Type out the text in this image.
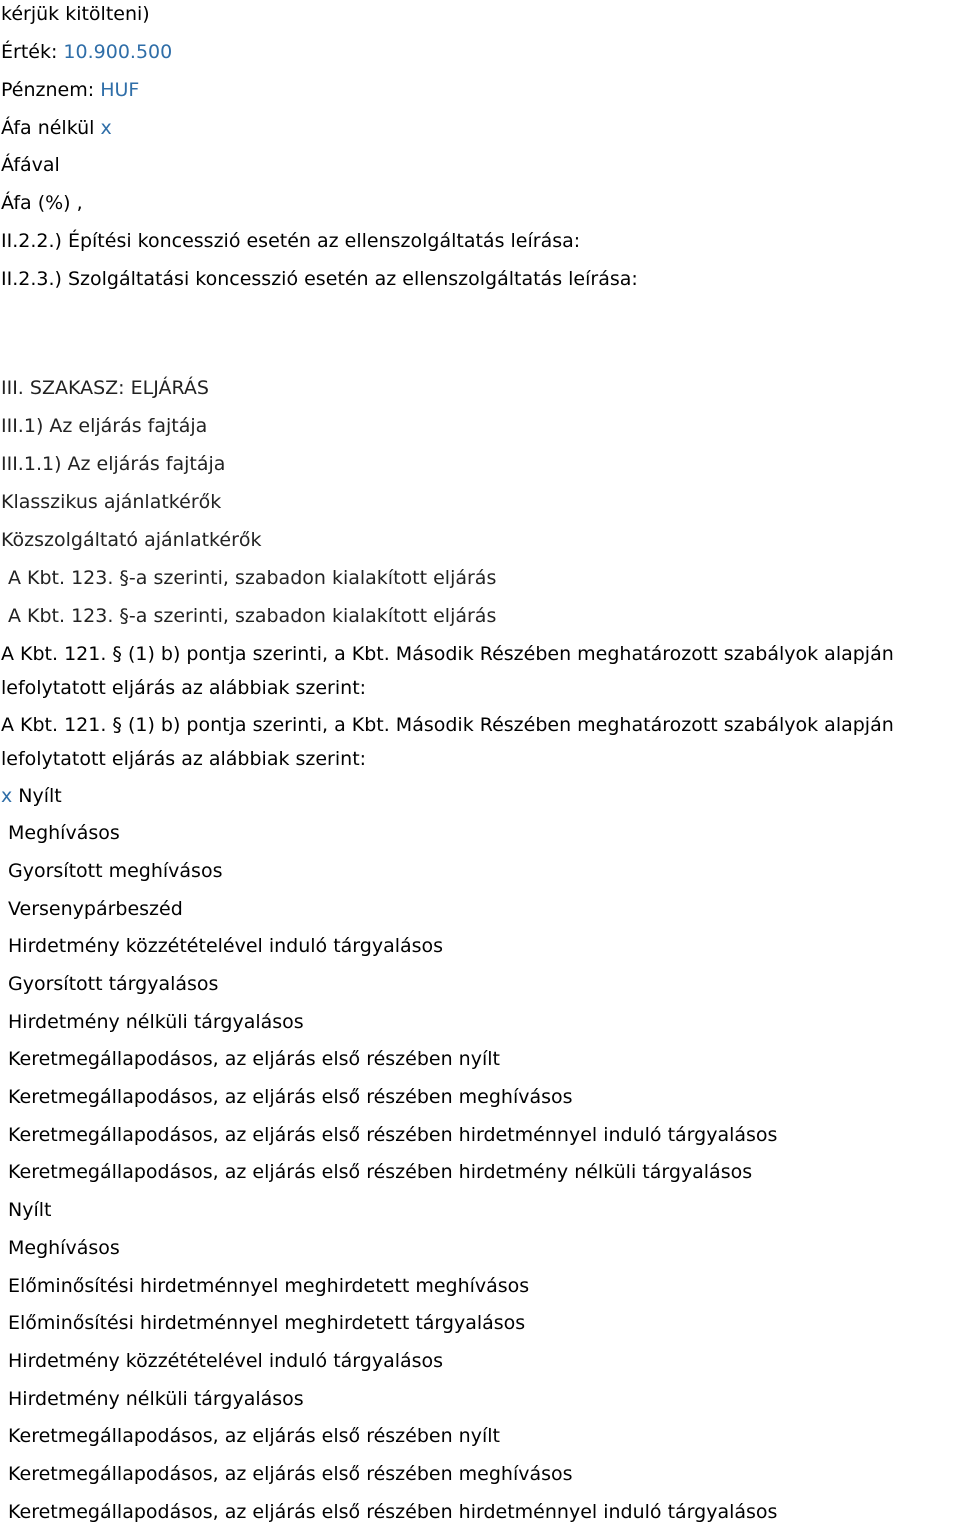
kérjük kitölteni)
Érték: 10.900.500
Pénznem: HUF
Áfa nélkül x
Áfával
Áfa (%) ,
II.2.2.) Építési koncesszió esetén az ellenszolgáltatás leírása:
II.2.3.) Szolgáltatási koncesszió esetén az ellenszolgáltatás leírása:
III. SZAKASZ: ELJÁRÁS
III.1) Az eljárás fajtája
III.1.1) Az eljárás fajtája
Klasszikus ajánlatkérők
Közszolgáltató ajánlatkérők
A Kbt. 123. §-a szerinti, szabadon kialakított eljárás
A Kbt. 123. §-a szerinti, szabadon kialakított eljárás
A Kbt. 121. § (1) b) pontja szerinti, a Kbt. Második Részében meghatározott szabályok alapján
lefolytatott eljárás az alábbiak szerint:
A Kbt. 121. § (1) b) pontja szerinti, a Kbt. Második Részében meghatározott szabályok alapján
lefolytatott eljárás az alábbiak szerint:
x Nyílt
Meghívásos
Gyorsított meghívásos
Versenypárbeszéd
Hirdetmény közzétételével induló tárgyalásos
Gyorsított tárgyalásos
Hirdetmény nélküli tárgyalásos
Keretmegállapodásos, az eljárás első részében nyílt
Keretmegállapodásos, az eljárás első részében meghívásos
Keretmegállapodásos, az eljárás első részében hirdetménnyel induló tárgyalásos
Keretmegállapodásos, az eljárás első részében hirdetmény nélküli tárgyalásos
Nyílt
Meghívásos
Előminősítési hirdetménnyel meghirdetett meghívásos
Előminősítési hirdetménnyel meghirdetett tárgyalásos
Hirdetmény közzétételével induló tárgyalásos
Hirdetmény nélküli tárgyalásos
Keretmegállapodásos, az eljárás első részében nyílt
Keretmegállapodásos, az eljárás első részében meghívásos
Keretmegállapodásos, az eljárás első részében hirdetménnyel induló tárgyalásos
